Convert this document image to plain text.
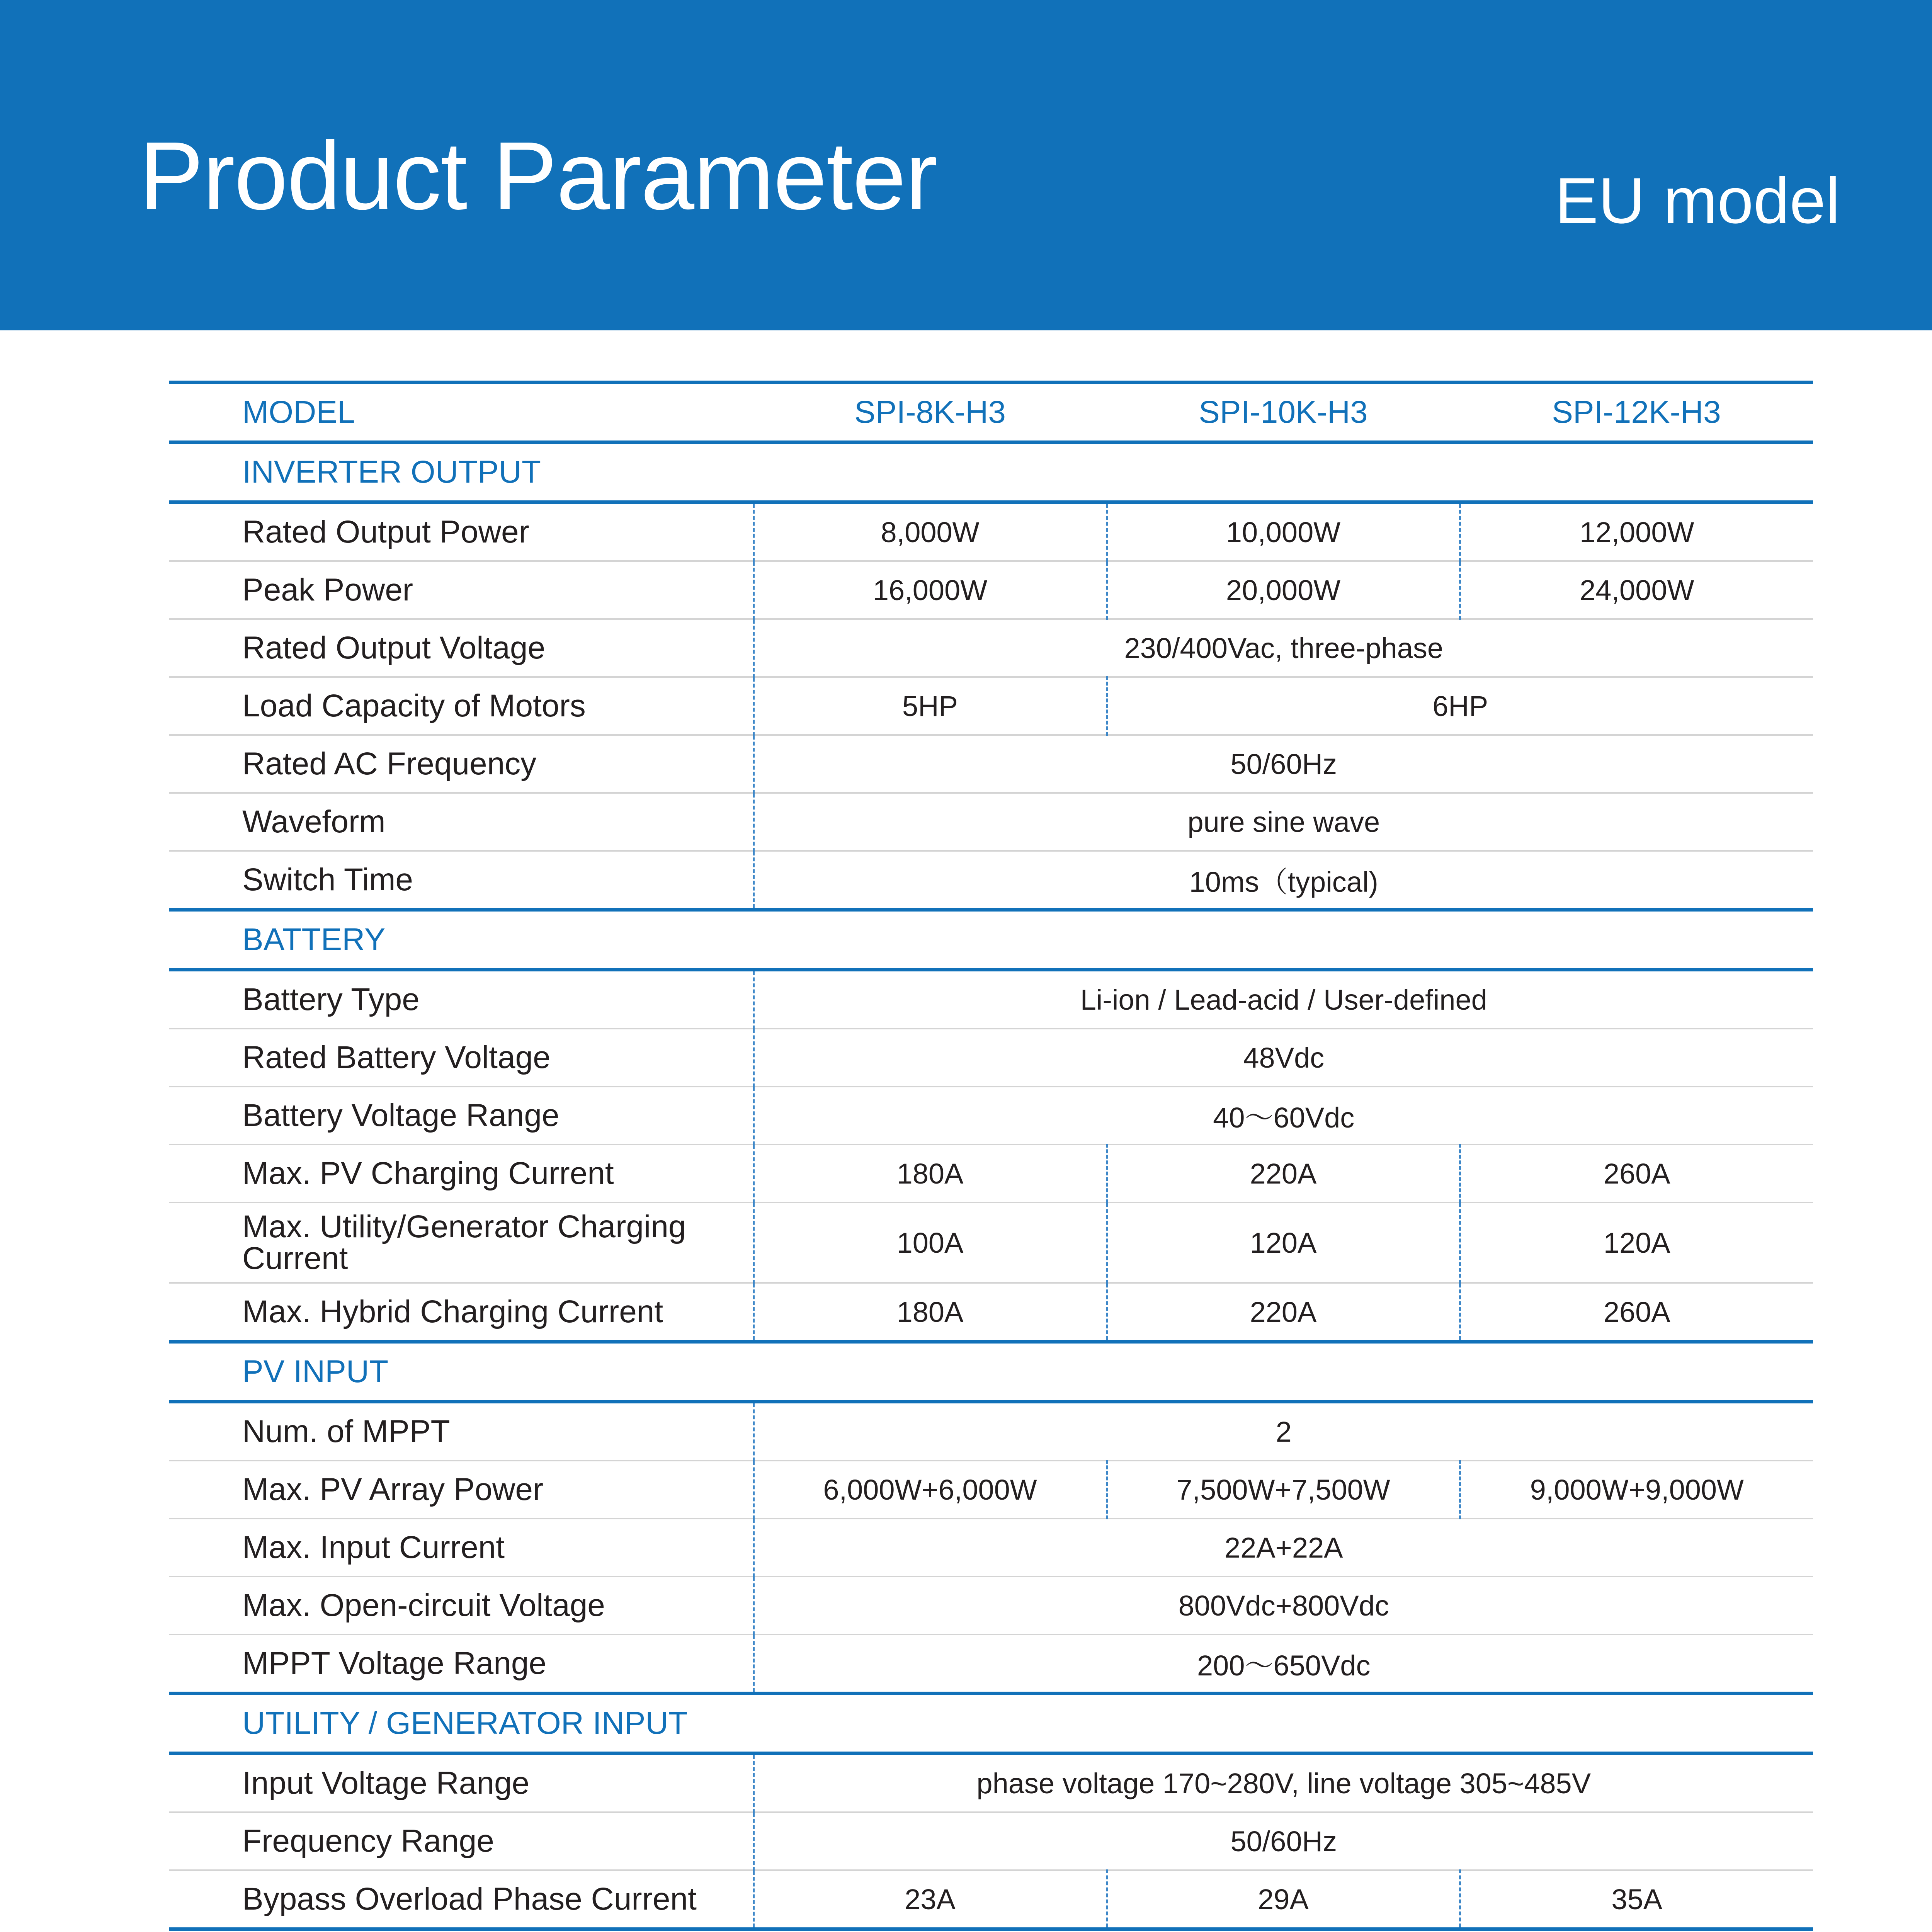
Product Parameter	EU model
MODEL	SPI-8K-H3	SPI-10K-H3	SPI-12K-H3
INVERTER OUTPUT			
Rated Output Power	8,000W	10,000W	12,000W
Peak Power	16,000W	20,000W	24,000W
Rated Output Voltage	230/400Vac, three-phase		
Load Capacity of Motors	5HP	6HP	
Rated AC Frequency	50/60Hz		
Waveform	pure sine wave		
Switch Time	10ms（typical)		
BATTERY			
Battery Type	Li-ion / Lead-acid / User-defined		
Rated Battery Voltage	48Vdc		
Battery Voltage Range	40～60Vdc		
Max. PV Charging Current	180A	220A	260A

Max. Utility/Generator Charging
Current	100A	120A	120A
Max. Hybrid Charging Current	180A	220A	260A
PV INPUT			
Num. of MPPT	2		
Max. PV Array Power	6,000W+6,000W	7,500W+7,500W	9,000W+9,000W
Max. Input Current	22A+22A		
Max. Open-circuit Voltage	800Vdc+800Vdc		
MPPT Voltage Range	200～650Vdc		
UTILITY / GENERATOR INPUT			
Input Voltage Range	phase voltage 170~280V, line voltage 305~485V		
Frequency Range	50/60Hz		
Bypass Overload Phase Current	23A	29A	35A
